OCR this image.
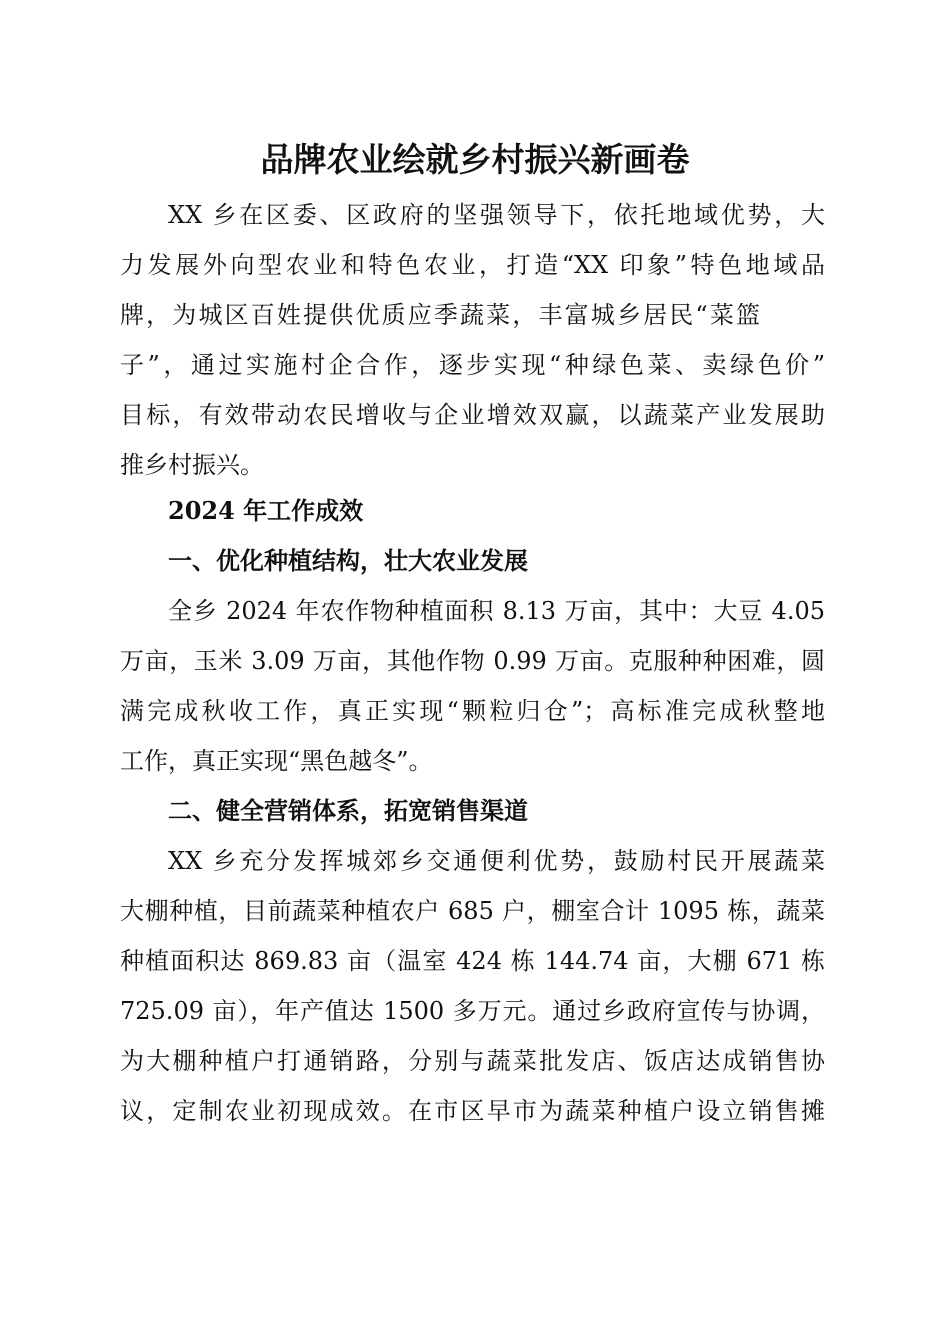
品牌农业绘就乡村振兴新画卷
XX 乡在区委、区政府的坚强领导下，依托地域优势，大
力发展外向型农业和特色农业，打造“XX 印象”特色地域品
牌，为城区百姓提供优质应季蔬菜，丰富城乡居民“菜篮
子”，通过实施村企合作，逐步实现“种绿色菜、卖绿色价”
目标，有效带动农民增收与企业增效双赢，以蔬菜产业发展助
推乡村振兴。
2024 年工作成效
一、优化种植结构，壮大农业发展
全乡 2024 年农作物种植面积 8.13 万亩，其中：大豆 4.05
万亩，玉米 3.09 万亩，其他作物 0.99 万亩。克服种种困难，圆
满完成秋收工作，真正实现“颗粒归仓”；高标准完成秋整地
工作，真正实现“黑色越冬”。
二、健全营销体系，拓宽销售渠道
XX 乡充分发挥城郊乡交通便利优势，鼓励村民开展蔬菜
大棚种植，目前蔬菜种植农户 685 户，棚室合计 1095 栋，蔬菜
种植面积达 869.83 亩（温室 424 栋 144.74 亩，大棚 671 栋
725.09 亩），年产值达 1500 多万元。通过乡政府宣传与协调，
为大棚种植户打通销路，分别与蔬菜批发店、饭店达成销售协
议，定制农业初现成效。在市区早市为蔬菜种植户设立销售摊
